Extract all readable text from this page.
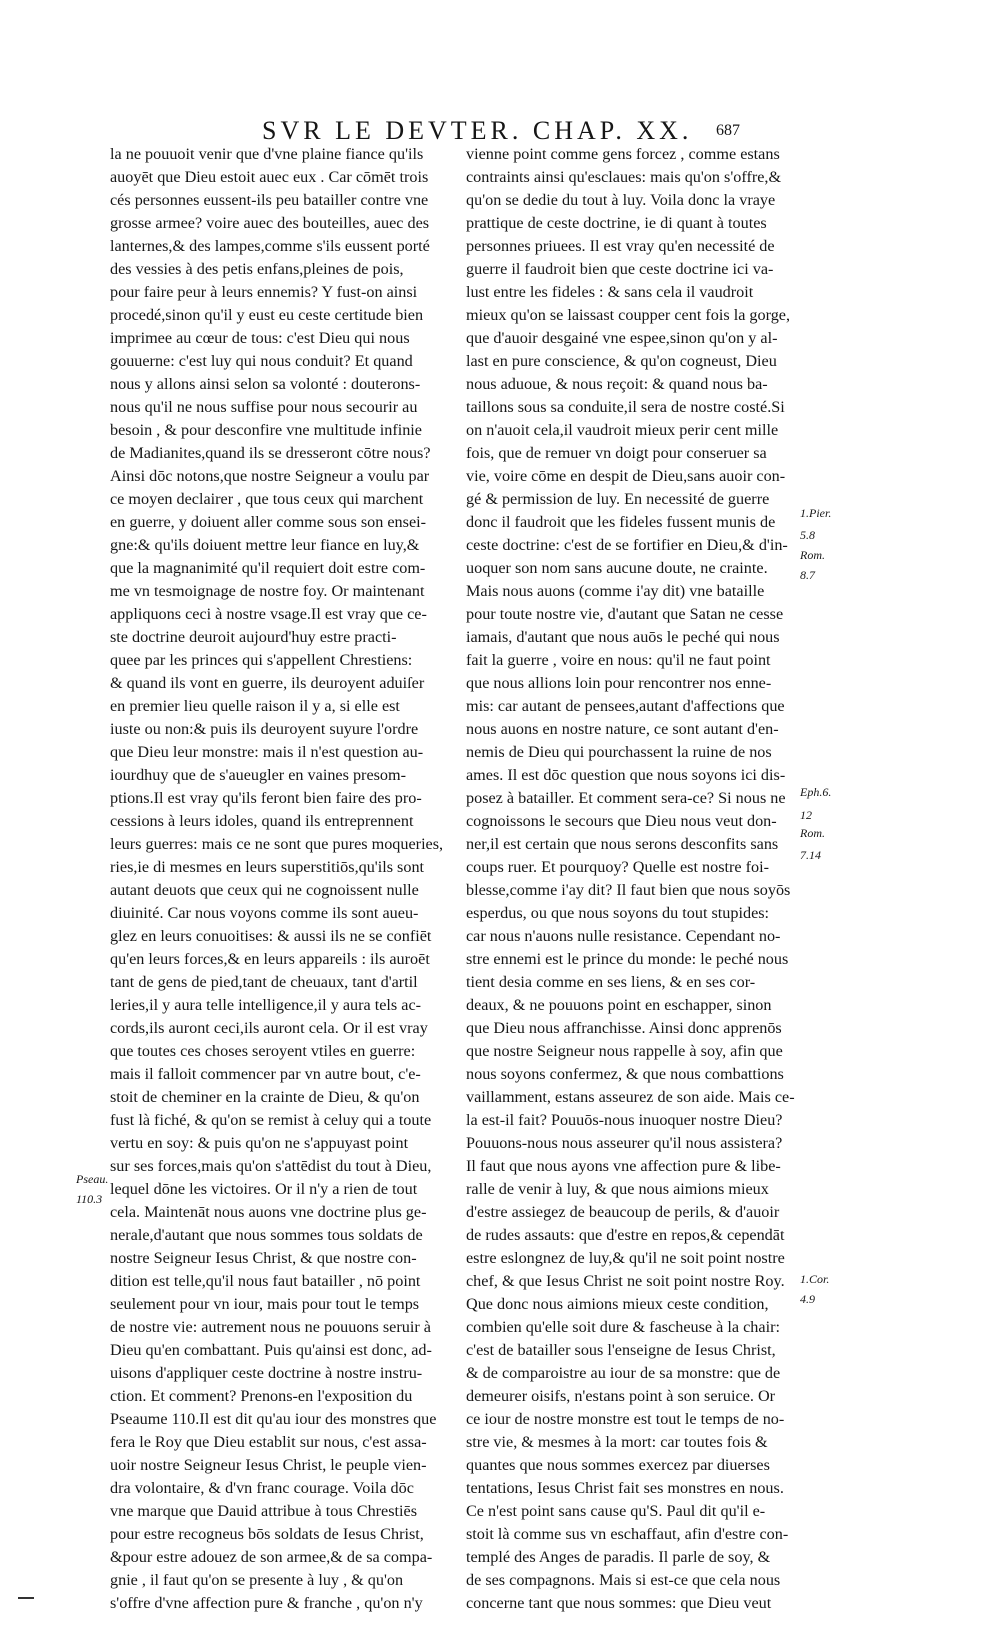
SVR LE DEVTER. CHAP. XX. 687
la ne pouuoit venir que d'vne plaine fiance qu'ils
auoyēt que Dieu estoit auec eux . Car cōmēt trois
cés personnes eussent-ils peu batailler contre vne
grosse armee? voire auec des bouteilles, auec des
lanternes,& des lampes,comme s'ils eussent porté
des vessies à des petis enfans,pleines de pois,
pour faire peur à leurs ennemis? Y fust-on ainsi
procedé,sinon qu'il y eust eu ceste certitude bien
imprimee au cœur de tous: c'est Dieu qui nous
gouuerne: c'est luy qui nous conduit? Et quand
nous y allons ainsi selon sa volonté : douterons-
nous qu'il ne nous suffise pour nous secourir au
besoin , & pour desconfire vne multitude infinie
de Madianites,quand ils se dresseront cōtre nous?
Ainsi dōc notons,que nostre Seigneur a voulu par
ce moyen declairer , que tous ceux qui marchent
en guerre, y doiuent aller comme sous son ensei-
gne:& qu'ils doiuent mettre leur fiance en luy,&
que la magnanimité qu'il requiert doit estre com-
me vn tesmoignage de nostre foy. Or maintenant
appliquons ceci à nostre vsage.Il est vray que ce-
ste doctrine deuroit aujourd'huy estre practi-
quee par les princes qui s'appellent Chrestiens:
& quand ils vont en guerre, ils deuroyent aduiſer
en premier lieu quelle raison il y a, si elle est
iuste ou non:& puis ils deuroyent suyure l'ordre
que Dieu leur monstre: mais il n'est question au-
iourdhuy que de s'aueugler en vaines presom-
ptions.Il est vray qu'ils feront bien faire des pro-
cessions à leurs idoles, quand ils entreprennent
leurs guerres: mais ce ne sont que pures moqueries,
ries,ie di mesmes en leurs superstitiōs,qu'ils sont
autant deuots que ceux qui ne cognoissent nulle
diuinité. Car nous voyons comme ils sont aueu-
glez en leurs conuoitises: & aussi ils ne se confiēt
qu'en leurs forces,& en leurs appareils : ils auroēt
tant de gens de pied,tant de cheuaux, tant d'artil
leries,il y aura telle intelligence,il y aura tels ac-
cords,ils auront ceci,ils auront cela. Or il est vray
que toutes ces choses seroyent vtiles en guerre:
mais il falloit commencer par vn autre bout, c'e-
stoit de cheminer en la crainte de Dieu, & qu'on
fust là fiché, & qu'on se remist à celuy qui a toute
vertu en soy: & puis qu'on ne s'appuyast point
sur ses forces,mais qu'on s'attēdist du tout à Dieu,
lequel dōne les victoires. Or il n'y a rien de tout
cela. Maintenāt nous auons vne doctrine plus ge-
nerale,d'autant que nous sommes tous soldats de
nostre Seigneur Iesus Christ, & que nostre con-
dition est telle,qu'il nous faut batailler , nō point
seulement pour vn iour, mais pour tout le temps
de nostre vie: autrement nous ne pouuons seruir à
Dieu qu'en combattant. Puis qu'ainsi est donc, ad-
uisons d'appliquer ceste doctrine à nostre instru-
ction. Et comment? Prenons-en l'exposition du
Pseaume 110.Il est dit qu'au iour des monstres que
fera le Roy que Dieu establit sur nous, c'est assa-
uoir nostre Seigneur Iesus Christ, le peuple vien-
dra volontaire, & d'vn franc courage. Voila dōc
vne marque que Dauid attribue à tous Chrestiēs
pour estre recogneus bōs soldats de Iesus Christ,
&pour estre adouez de son armee,& de sa compa-
gnie , il faut qu'on se presente à luy , & qu'on
s'offre d'vne affection pure & franche , qu'on n'y
vienne point comme gens forcez , comme estans
contraints ainsi qu'esclaues: mais qu'on s'offre,&
qu'on se dedie du tout à luy. Voila donc la vraye
prattique de ceste doctrine, ie di quant à toutes
personnes priuees. Il est vray qu'en necessité de
guerre il faudroit bien que ceste doctrine ici va-
lust entre les fideles : & sans cela il vaudroit
mieux qu'on se laissast coupper cent fois la gorge,
que d'auoir desgainé vne espee,sinon qu'on y al-
last en pure conscience, & qu'on cogneust, Dieu
nous aduoue, & nous reçoit: & quand nous ba-
taillons sous sa conduite,il sera de nostre costé.Si
on n'auoit cela,il vaudroit mieux perir cent mille
fois, que de remuer vn doigt pour conseruer sa
vie, voire cōme en despit de Dieu,sans auoir con-
gé & permission de luy. En necessité de guerre
donc il faudroit que les fideles fussent munis de
ceste doctrine: c'est de se fortifier en Dieu,& d'in-
uoquer son nom sans aucune doute, ne crainte.
Mais nous auons (comme i'ay dit) vne bataille
pour toute nostre vie, d'autant que Satan ne cesse
iamais, d'autant que nous auōs le peché qui nous
fait la guerre , voire en nous: qu'il ne faut point
que nous allions loin pour rencontrer nos enne-
mis: car autant de pensees,autant d'affections que
nous auons en nostre nature, ce sont autant d'en-
nemis de Dieu qui pourchassent la ruine de nos
ames. Il est dōc question que nous soyons ici dis-
posez à batailler. Et comment sera-ce? Si nous ne
cognoissons le secours que Dieu nous veut don-
ner,il est certain que nous serons desconfits sans
coups ruer. Et pourquoy? Quelle est nostre foi-
blesse,comme i'ay dit? Il faut bien que nous soyōs
esperdus, ou que nous soyons du tout stupides:
car nous n'auons nulle resistance. Cependant no-
stre ennemi est le prince du monde: le peché nous
tient desia comme en ses liens, & en ses cor-
deaux, & ne pouuons point en eschapper, sinon
que Dieu nous affranchisse. Ainsi donc apprenōs
que nostre Seigneur nous rappelle à soy, afin que
nous soyons confermez, & que nous combattions
vaillamment, estans asseurez de son aide. Mais ce-
la est-il fait? Pouuōs-nous inuoquer nostre Dieu?
Pouuons-nous nous asseurer qu'il nous assistera?
Il faut que nous ayons vne affection pure & libe-
ralle de venir à luy, & que nous aimions mieux
d'estre assiegez de beaucoup de perils, & d'auoir
de rudes assauts: que d'estre en repos,& cependāt
estre eslongnez de luy,& qu'il ne soit point nostre
chef, & que Iesus Christ ne soit point nostre Roy.
Que donc nous aimions mieux ceste condition,
combien qu'elle soit dure & fascheuse à la chair:
c'est de batailler sous l'enseigne de Iesus Christ,
& de comparoistre au iour de sa monstre: que de
demeurer oisifs, n'estans point à son seruice. Or
ce iour de nostre monstre est tout le temps de no-
stre vie, & mesmes à la mort: car toutes fois &
quantes que nous sommes exercez par diuerses
tentations, Iesus Christ fait ses monstres en nous.
Ce n'est point sans cause qu'S. Paul dit qu'il e-
stoit là comme sus vn eschaffaut, afin d'estre con-
templé des Anges de paradis. Il parle de soy, &
de ses compagnons. Mais si est-ce que cela nous
concerne tant que nous sommes: que Dieu veut
1.Pier.
5.8
Rom.
8.7
Eph.6.
12
Rom.
7.14
1.Cor.
4.9
Pseau.
110.3
